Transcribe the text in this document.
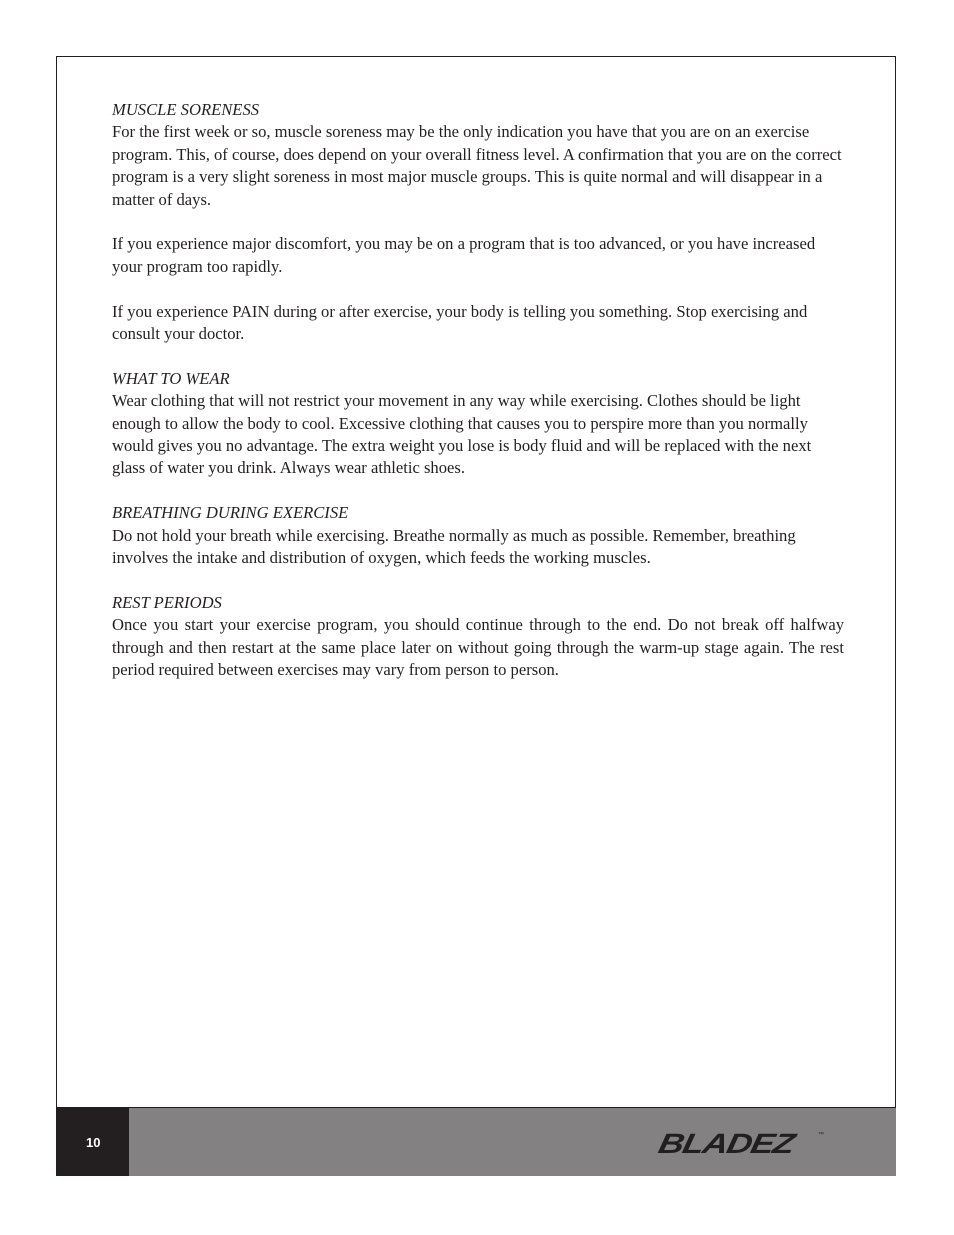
MUSCLE SORENESS

For the first week or so, muscle soreness may be the only indication you have that you are on an exercise program. This, of course, does depend on your overall fitness level. A confirmation that you are on the correct program is a very slight soreness in most major muscle groups. This is quite normal and will disappear in a matter of days.

If you experience major discomfort, you may be on a program that is too advanced, or you have increased your program too rapidly.

If you experience PAIN during or after exercise, your body is telling you something. Stop exercising and consult your doctor.

WHAT TO WEAR

Wear clothing that will not restrict your movement in any way while exercising. Clothes should be light enough to allow the body to cool. Excessive clothing that causes you to perspire more than you normally would gives you no advantage. The extra weight you lose is body fluid and will be replaced with the next glass of water you drink. Always wear athletic shoes.

BREATHING DURING EXERCISE

Do not hold your breath while exercising. Breathe normally as much as possible. Remember, breathing involves the intake and distribution of oxygen, which feeds the working muscles.

REST PERIODS

Once you start your exercise program, you should continue through to the end. Do not break off halfway through and then restart at the same place later on without going through the warm-up stage again. The rest period required between exercises may vary from person to person.

10	BLADEZ	™
